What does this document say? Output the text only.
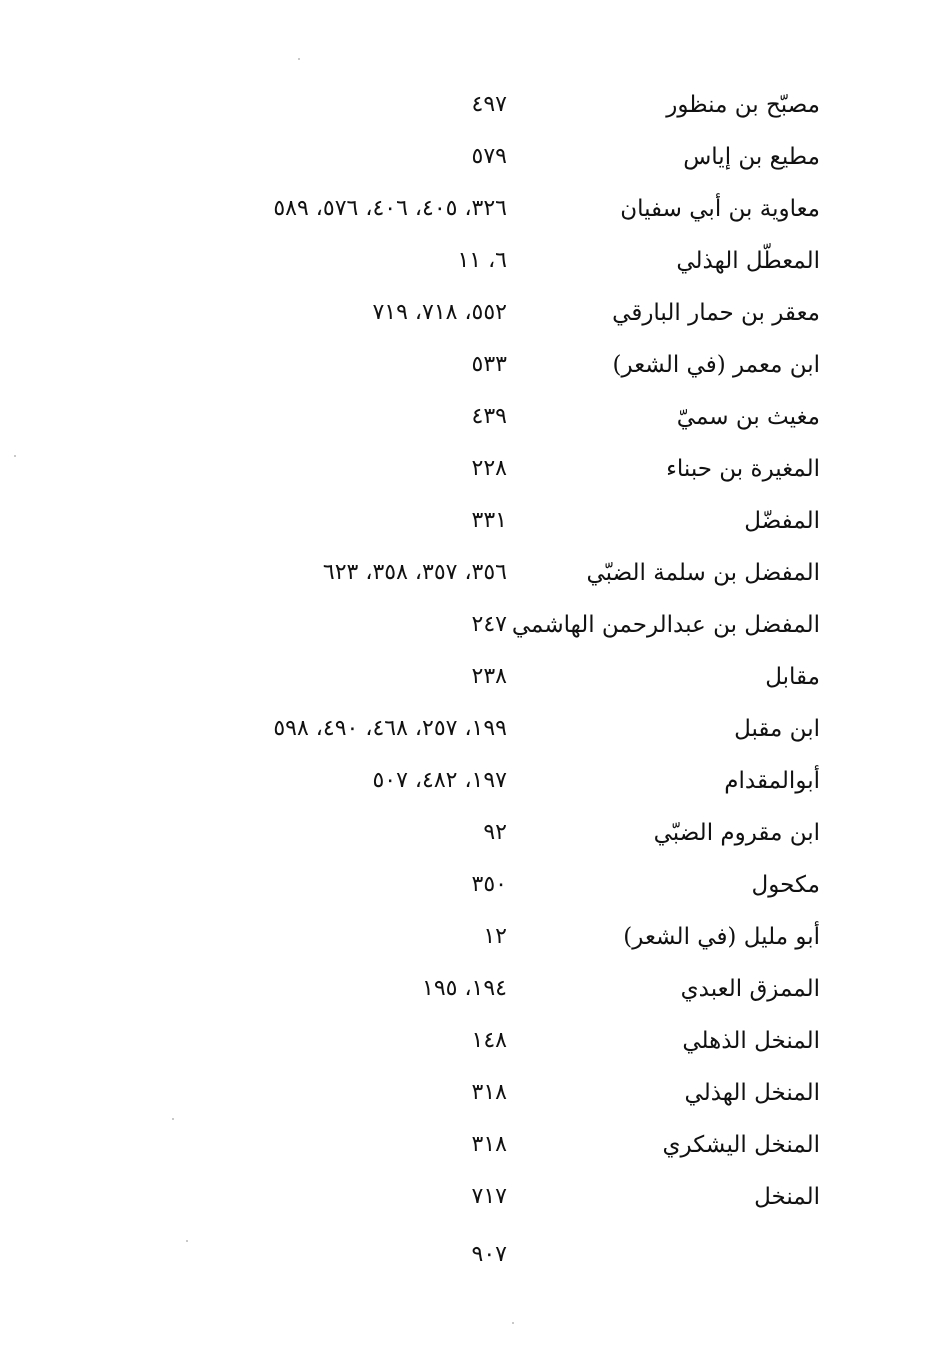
مصبّح بن منظور
٤٩٧
مطيع بن إياس
٥٧٩
معاوية بن أبي سفيان
٣٢٦، ٤٠٥، ٤٠٦، ٥٧٦، ٥٨٩
المعطّل الهذلي
٦، ١١
معقر بن حمار البارقي
٥٥٢، ٧١٨، ٧١٩
ابن معمر (في الشعر)
٥٣٣
مغيث بن سميّ
٤٣٩
المغيرة بن حبناء
٢٢٨
المفضّل
٣٣١
المفضل بن سلمة الضبّي
٣٥٦، ٣٥٧، ٣٥٨، ٦٢٣
المفضل بن عبدالرحمن الهاشمي
٢٤٧
مقابل
٢٣٨
ابن مقبل
١٩٩، ٢٥٧، ٤٦٨، ٤٩٠، ٥٩٨
أبوالمقدام
١٩٧، ٤٨٢، ٥٠٧
ابن مقروم الضبّي
٩٢
مكحول
٣٥٠
أبو مليل (في الشعر)
١٢
الممزق العبدي
١٩٤، ١٩٥
المنخل الذهلي
١٤٨
المنخل الهذلي
٣١٨
المنخل اليشكري
٣١٨
المنخل
٧١٧
٩٠٧
